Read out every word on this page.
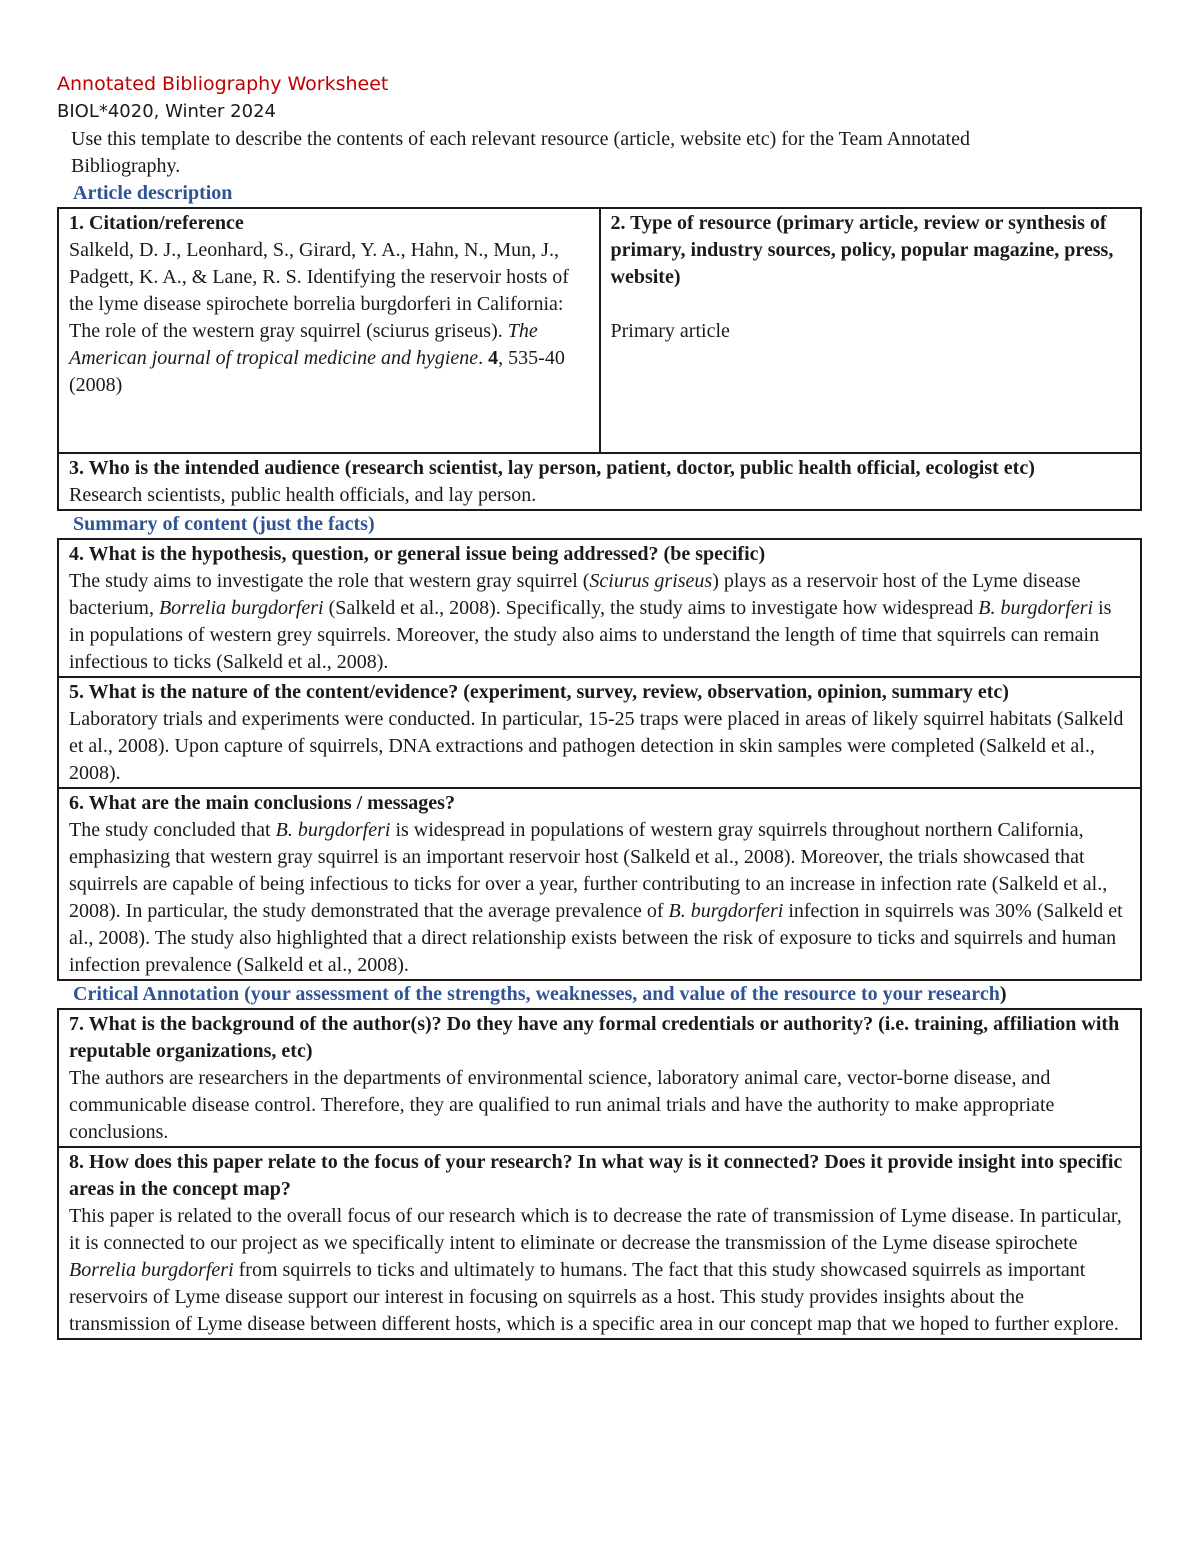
Annotated Bibliography Worksheet

BIOL*4020, Winter 2024

Use this template to describe the contents of each relevant resource (article, website etc) for the Team Annotated Bibliography.

Article description

1. Citation/reference

Salkeld, D. J., Leonhard, S., Girard, Y. A., Hahn, N., Mun, J., Padgett, K. A., & Lane, R. S. Identifying the reservoir hosts of the lyme disease spirochete borrelia burgdorferi in California: The role of the western gray squirrel (sciurus griseus). The American journal of tropical medicine and hygiene. 4, 535-40 (2008)

2. Type of resource (primary article, review or synthesis of primary, industry sources, policy, popular magazine, press, website)

Primary article

3. Who is the intended audience (research scientist, lay person, patient, doctor, public health official, ecologist etc)

Research scientists, public health officials, and lay person.

Summary of content (just the facts)

4. What is the hypothesis, question, or general issue being addressed? (be specific)

The study aims to investigate the role that western gray squirrel (Sciurus griseus) plays as a reservoir host of the Lyme disease bacterium, Borrelia burgdorferi (Salkeld et al., 2008). Specifically, the study aims to investigate how widespread B. burgdorferi is in populations of western grey squirrels. Moreover, the study also aims to understand the length of time that squirrels can remain infectious to ticks (Salkeld et al., 2008).

5. What is the nature of the content/evidence? (experiment, survey, review, observation, opinion, summary etc)

Laboratory trials and experiments were conducted. In particular, 15-25 traps were placed in areas of likely squirrel habitats (Salkeld et al., 2008). Upon capture of squirrels, DNA extractions and pathogen detection in skin samples were completed (Salkeld et al., 2008).

6. What are the main conclusions / messages?

The study concluded that B. burgdorferi is widespread in populations of western gray squirrels throughout northern California, emphasizing that western gray squirrel is an important reservoir host (Salkeld et al., 2008). Moreover, the trials showcased that squirrels are capable of being infectious to ticks for over a year, further contributing to an increase in infection rate (Salkeld et al., 2008). In particular, the study demonstrated that the average prevalence of B. burgdorferi infection in squirrels was 30% (Salkeld et al., 2008). The study also highlighted that a direct relationship exists between the risk of exposure to ticks and squirrels and human infection prevalence (Salkeld et al., 2008).

Critical Annotation (your assessment of the strengths, weaknesses, and value of the resource to your research)

7. What is the background of the author(s)? Do they have any formal credentials or authority? (i.e. training, affiliation with reputable organizations, etc)

The authors are researchers in the departments of environmental science, laboratory animal care, vector-borne disease, and communicable disease control. Therefore, they are qualified to run animal trials and have the authority to make appropriate conclusions.

8. How does this paper relate to the focus of your research? In what way is it connected? Does it provide insight into specific areas in the concept map?

This paper is related to the overall focus of our research which is to decrease the rate of transmission of Lyme disease. In particular, it is connected to our project as we specifically intent to eliminate or decrease the transmission of the Lyme disease spirochete Borrelia burgdorferi from squirrels to ticks and ultimately to humans. The fact that this study showcased squirrels as important reservoirs of Lyme disease support our interest in focusing on squirrels as a host. This study provides insights about the transmission of Lyme disease between different hosts, which is a specific area in our concept map that we hoped to further explore.
